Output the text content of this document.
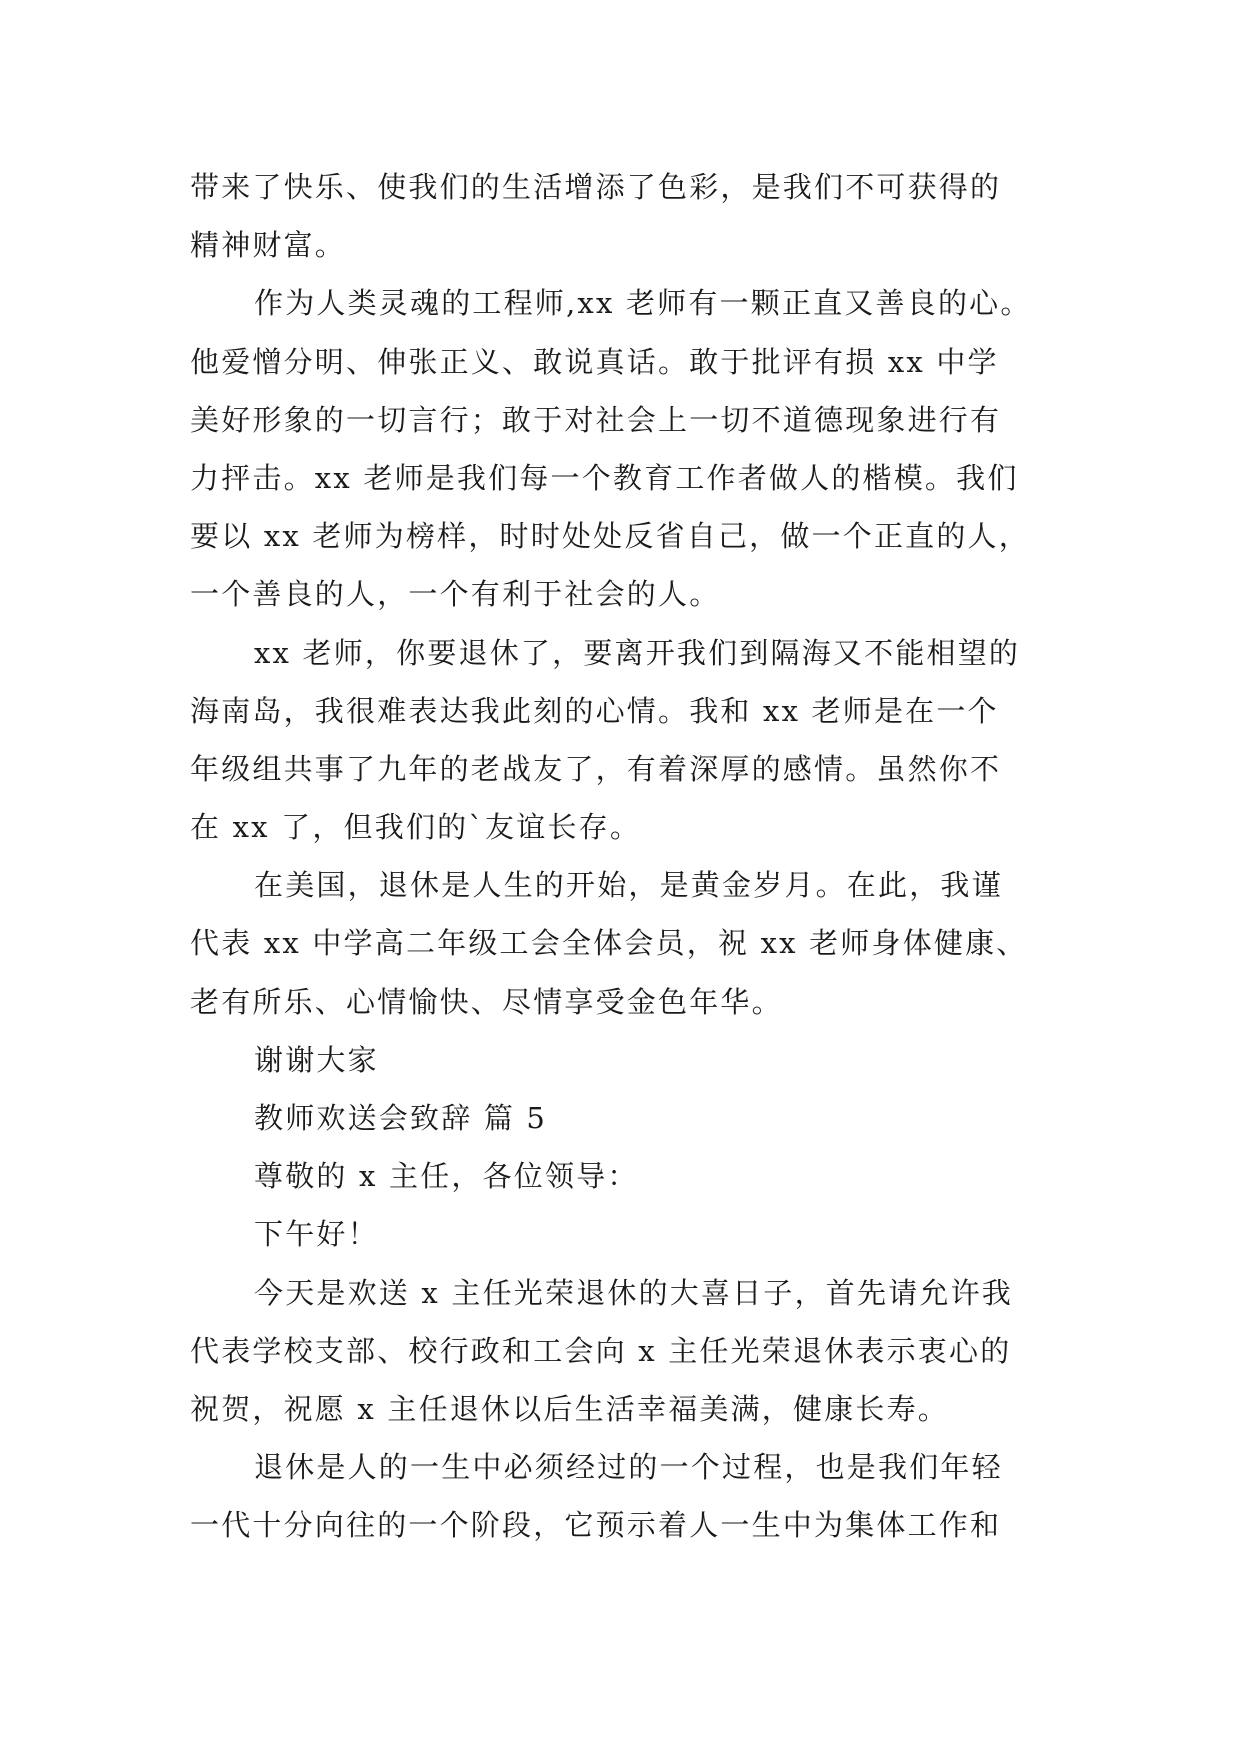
带来了快乐、使我们的生活增添了色彩，是我们不可获得的
精神财富。
作为人类灵魂的工程师,xx 老师有一颗正直又善良的心。
他爱憎分明、伸张正义、敢说真话。敢于批评有损 xx 中学
美好形象的一切言行；敢于对社会上一切不道德现象进行有
力抨击。xx 老师是我们每一个教育工作者做人的楷模。我们
要以 xx 老师为榜样，时时处处反省自己，做一个正直的人，
一个善良的人，一个有利于社会的人。
xx 老师，你要退休了，要离开我们到隔海又不能相望的
海南岛，我很难表达我此刻的心情。我和 xx 老师是在一个
年级组共事了九年的老战友了，有着深厚的感情。虽然你不
在 xx 了，但我们的`友谊长存。
在美国，退休是人生的开始，是黄金岁月。在此，我谨
代表 xx 中学高二年级工会全体会员，祝 xx 老师身体健康、
老有所乐、心情愉快、尽情享受金色年华。
谢谢大家
教师欢送会致辞 篇 5
尊敬的 x 主任，各位领导：
下午好！
今天是欢送 x 主任光荣退休的大喜日子，首先请允许我
代表学校支部、校行政和工会向 x 主任光荣退休表示衷心的
祝贺，祝愿 x 主任退休以后生活幸福美满，健康长寿。
退休是人的一生中必须经过的一个过程，也是我们年轻
一代十分向往的一个阶段，它预示着人一生中为集体工作和
